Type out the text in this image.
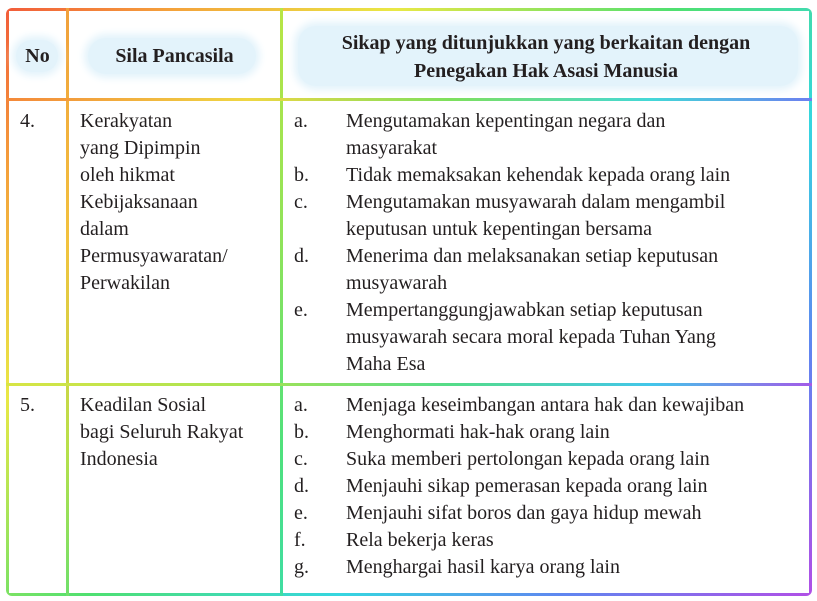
No	Sila Pancasila
Sikap yang ditunjukkan yang berkaitan dengan
Penegakan Hak Asasi Manusia
4. Kerakyatan
yang Dipimpin
oleh hikmat
Kebijaksanaan
dalam
Permusyawaratan/
Perwakilan
a. Mengutamakan kepentingan negara dan
masyarakat
b. Tidak memaksakan kehendak kepada orang lain
c. Mengutamakan musyawarah dalam mengambil
keputusan untuk kepentingan bersama
d. Menerima dan melaksanakan setiap keputusan
musyawarah
e. Mempertanggungjawabkan setiap keputusan
musyawarah secara moral kepada Tuhan Yang
Maha Esa
5. Keadilan Sosial
bagi Seluruh Rakyat
Indonesia
a. Menjaga keseimbangan antara hak dan kewajiban
b. Menghormati hak-hak orang lain
c. Suka memberi pertolongan kepada orang lain
d. Menjauhi sikap pemerasan kepada orang lain
e. Menjauhi sifat boros dan gaya hidup mewah
f. Rela bekerja keras
g. Menghargai hasil karya orang lain
